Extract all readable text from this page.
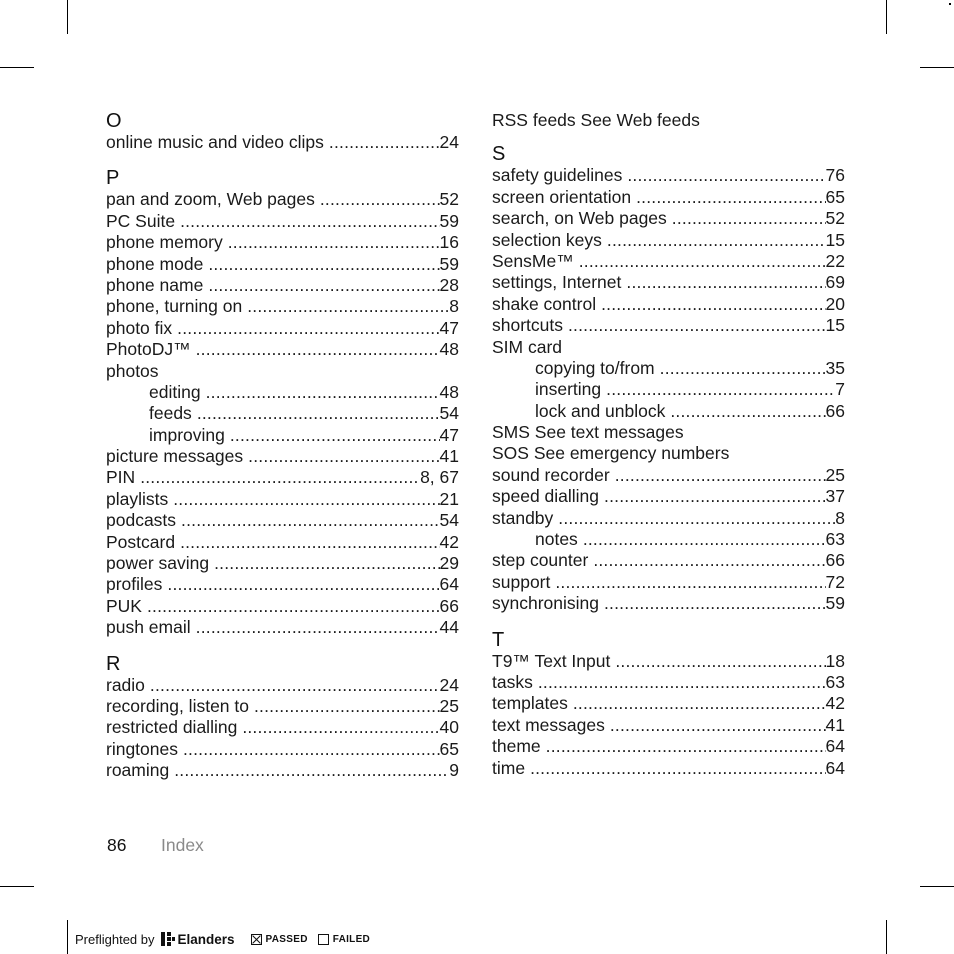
O
online music and video clips .....	24
P
pan and zoom, Web pages .....	52
PC Suite .....	59
phone memory .....	16
phone mode .....	59
phone name .....	28
phone, turning on .....	8
photo fix .....	47
PhotoDJ™ .....	48
photos
editing .....	48
feeds .....	54
improving .....	47
picture messages .....	41
PIN .....	8, 67
playlists .....	21
podcasts .....	54
Postcard .....	42
power saving .....	29
profiles .....	64
PUK .....	66
push email .....	44
R
radio .....	24
recording, listen to .....	25
restricted dialling .....	40
ringtones .....	65
roaming .....	9
RSS feeds See Web feeds
S
safety guidelines .....	76
screen orientation .....	65
search, on Web pages .....	52
selection keys .....	15
SensMe™ .....	22
settings, Internet .....	69
shake control .....	20
shortcuts .....	15
SIM card
copying to/from .....	35
inserting .....	7
lock and unblock .....	66
SMS See text messages
SOS See emergency numbers
sound recorder .....	25
speed dialling .....	37
standby .....	8
notes .....	63
step counter .....	66
support .....	72
synchronising .....	59
T
T9™ Text Input .....	18
tasks .....	63
templates .....	42
text messages .....	41
theme .....	64
time .....	64
86 Index
Preflighted by Elanders	PASSED	FAILED
